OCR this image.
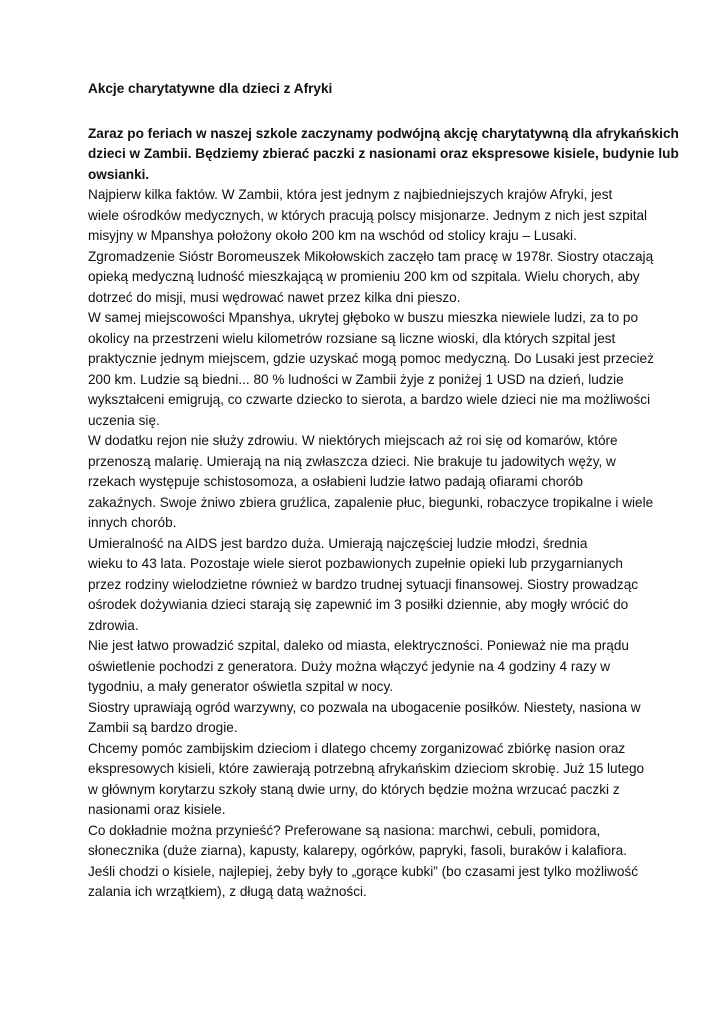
Akcje charytatywne dla dzieci z Afryki
Zaraz po feriach w naszej szkole zaczynamy podwójną akcję charytatywną dla afrykańskich
dzieci w Zambii. Będziemy zbierać paczki z nasionami oraz ekspresowe kisiele, budynie lub
owsianki.
Najpierw kilka faktów. W Zambii, która jest jednym z najbiedniejszych krajów Afryki, jest
wiele ośrodków medycznych, w których pracują polscy misjonarze. Jednym z nich jest szpital
misyjny w Mpanshya położony około 200 km na wschód od stolicy kraju – Lusaki.
Zgromadzenie Sióstr Boromeuszek Mikołowskich zaczęło tam pracę w 1978r. Siostry otaczają
opieką medyczną ludność mieszkającą w promieniu 200 km od szpitala. Wielu chorych, aby
dotrzeć do misji, musi wędrować nawet przez kilka dni pieszo.
W samej miejscowości Mpanshya, ukrytej głęboko w buszu mieszka niewiele ludzi, za to po
okolicy na przestrzeni wielu kilometrów rozsiane są liczne wioski, dla których szpital jest
praktycznie jednym miejscem, gdzie uzyskać mogą pomoc medyczną. Do Lusaki jest przecież
200 km. Ludzie są biedni... 80 % ludności w Zambii żyje z poniżej 1 USD na dzień, ludzie
wykształceni emigrują, co czwarte dziecko to sierota, a bardzo wiele dzieci nie ma możliwości
uczenia się.
W dodatku rejon nie służy zdrowiu. W niektórych miejscach aż roi się od komarów, które
przenoszą malarię. Umierają na nią zwłaszcza dzieci. Nie brakuje tu jadowitych węży, w
rzekach występuje schistosomoza, a osłabieni ludzie łatwo padają ofiarami chorób
zakaźnych. Swoje żniwo zbiera gruźlica, zapalenie płuc, biegunki, robaczyce tropikalne i wiele
innych chorób.
Umieralność na AIDS jest bardzo duża. Umierają najczęściej ludzie młodzi, średnia
wieku to 43 lata. Pozostaje wiele sierot pozbawionych zupełnie opieki lub przygarnianych
przez rodziny wielodzietne również w bardzo trudnej sytuacji finansowej. Siostry prowadząc
ośrodek dożywiania dzieci starają się zapewnić im 3 posiłki dziennie, aby mogły wrócić do
zdrowia.
Nie jest łatwo prowadzić szpital, daleko od miasta, elektryczności. Ponieważ nie ma prądu
oświetlenie pochodzi z generatora. Duży można włączyć jedynie na 4 godziny 4 razy w
tygodniu, a mały generator oświetla szpital w nocy.
Siostry uprawiają ogród warzywny, co pozwala na ubogacenie posiłków. Niestety, nasiona w
Zambii są bardzo drogie.
Chcemy pomóc zambijskim dzieciom i dlatego chcemy zorganizować zbiórkę nasion oraz
ekspresowych kisieli, które zawierają potrzebną afrykańskim dzieciom skrobię. Już 15 lutego
w głównym korytarzu szkoły staną dwie urny, do których będzie można wrzucać paczki z
nasionami oraz kisiele.
Co dokładnie można przynieść? Preferowane są nasiona: marchwi, cebuli, pomidora,
słonecznika (duże ziarna), kapusty, kalarepy, ogórków, papryki, fasoli, buraków i kalafiora.
Jeśli chodzi o kisiele, najlepiej, żeby były to „gorące kubki” (bo czasami jest tylko możliwość
zalania ich wrzątkiem), z długą datą ważności.
